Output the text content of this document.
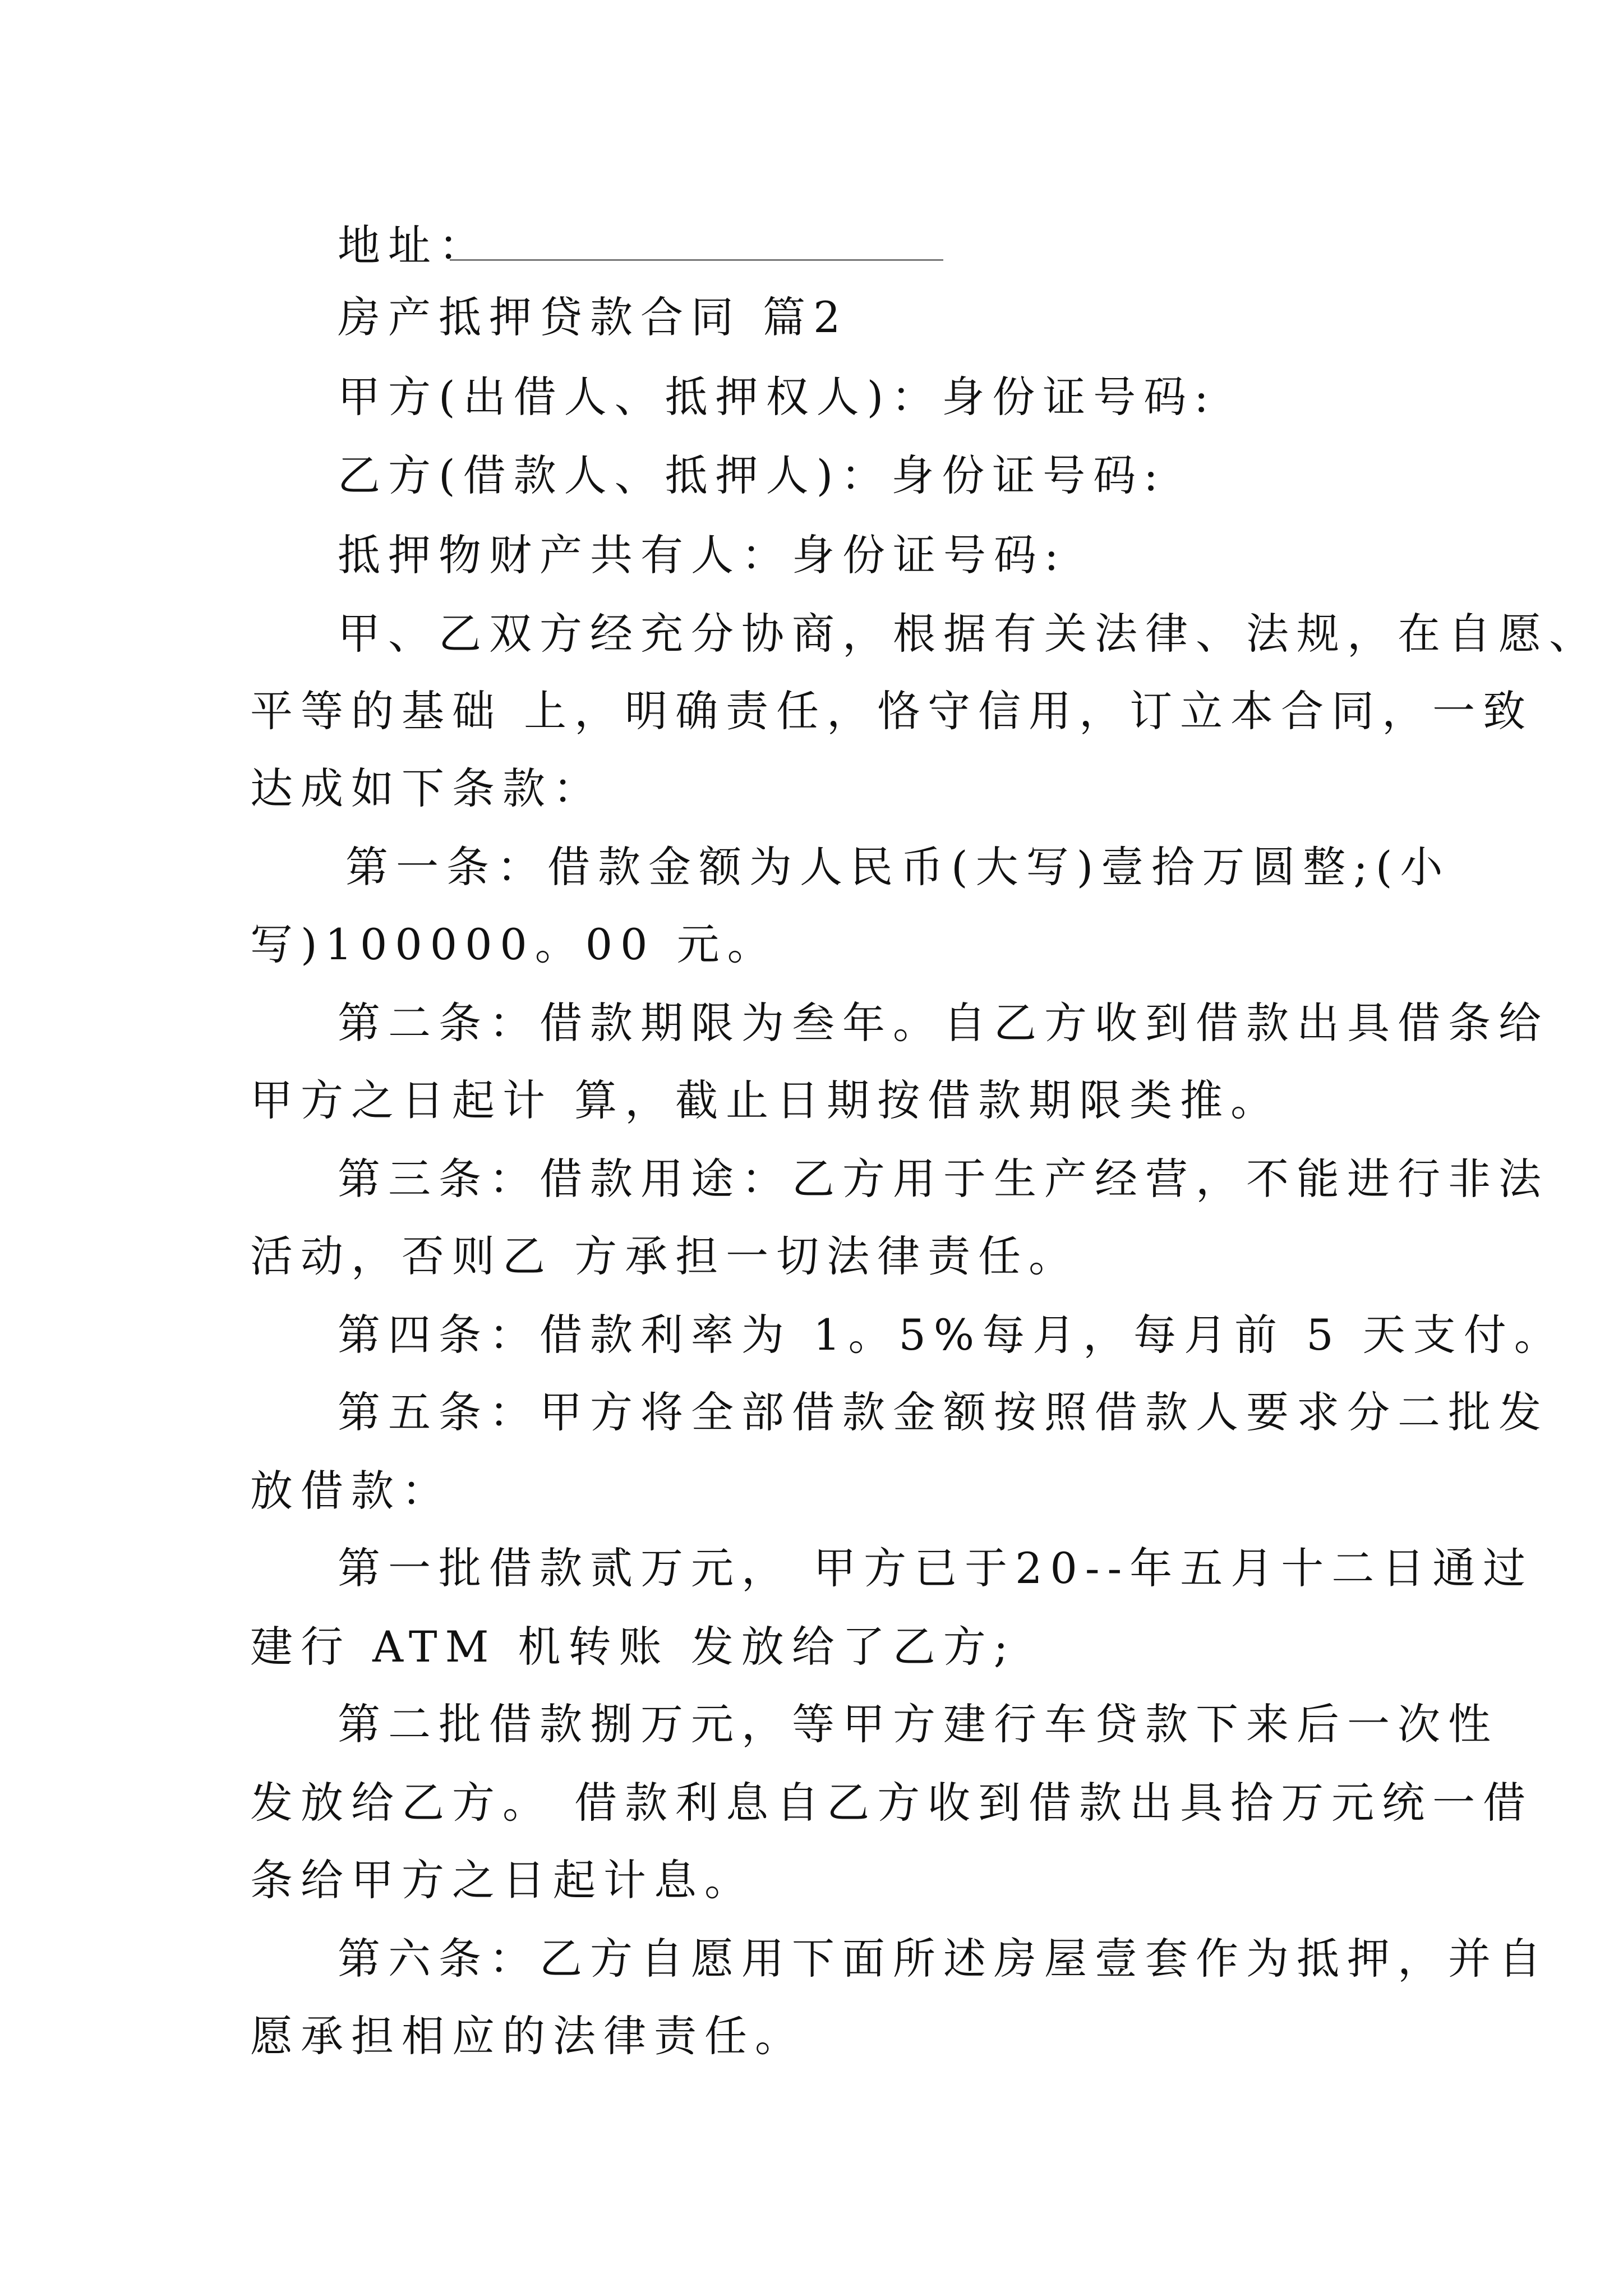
地址：
房产抵押贷款合同 篇2
甲方(出借人、抵押权人)：身份证号码:
乙方(借款人、抵押人)：身份证号码:
抵押物财产共有人：身份证号码:
甲、乙双方经充分协商，根据有关法律、法规，在自愿、
平等的基础 上，明确责任，恪守信用，订立本合同，一致
达成如下条款：
第一条：借款金额为人民币(大写)壹拾万圆整;(小
写)100000。00 元。
第二条：借款期限为叁年。自乙方收到借款出具借条给
甲方之日起计 算，截止日期按借款期限类推。
第三条：借款用途：乙方用于生产经营，不能进行非法
活动，否则乙 方承担一切法律责任。
第四条：借款利率为 1。5%每月，每月前 5 天支付。
第五条：甲方将全部借款金额按照借款人要求分二批发
放借款：
第一批借款贰万元， 甲方已于20--年五月十二日通过
建行 ATM 机转账 发放给了乙方;
第二批借款捌万元，等甲方建行车贷款下来后一次性
发放给乙方。 借款利息自乙方收到借款出具拾万元统一借
条给甲方之日起计息。
第六条：乙方自愿用下面所述房屋壹套作为抵押，并自
愿承担相应的法律责任。
